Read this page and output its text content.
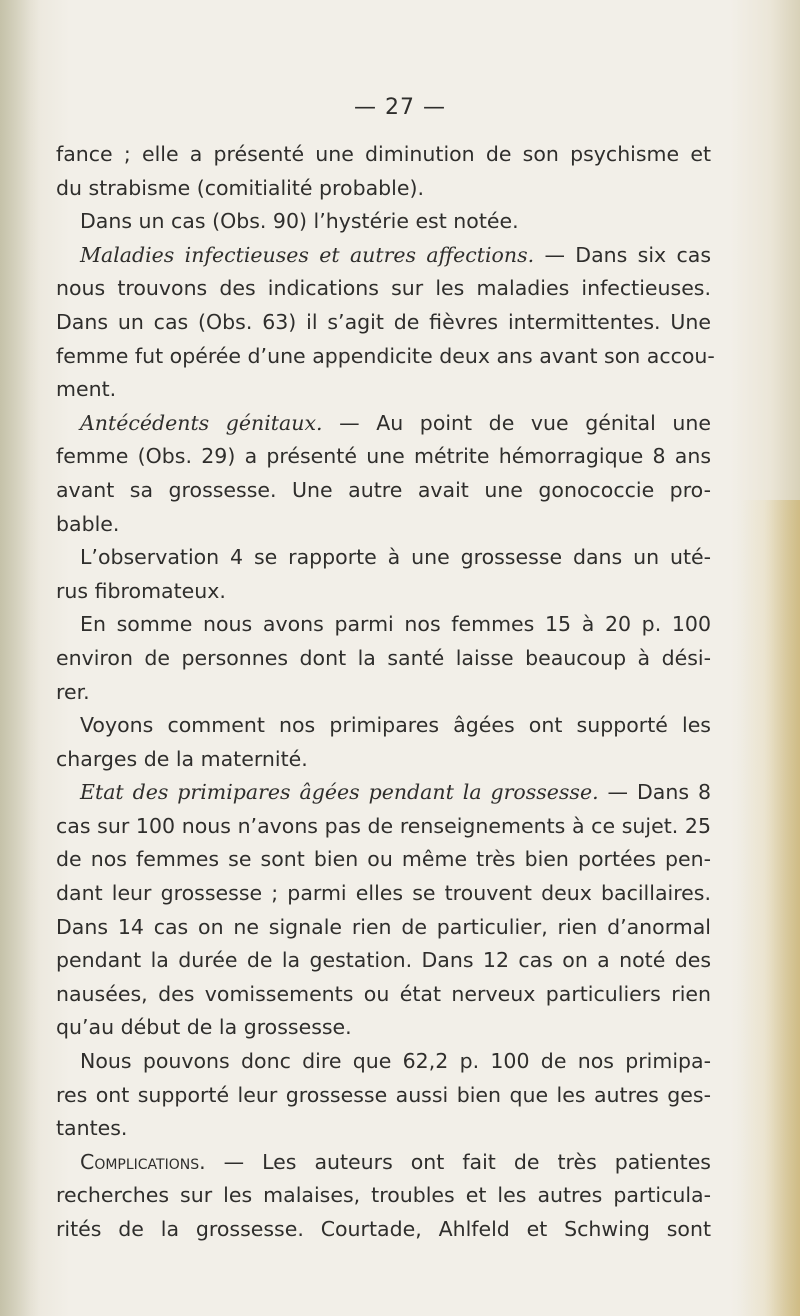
— 27 —
fance ; elle a présenté une diminution de son psychisme et
du strabisme (comitialité probable).
Dans un cas (Obs. 90) l’hystérie est notée.
Maladies infectieuses et autres affections. — Dans six cas
nous trouvons des indications sur les maladies infectieuses.
Dans un cas (Obs. 63) il s’agit de fièvres intermittentes. Une
femme fut opérée d’une appendicite deux ans avant son accou-
ment.
Antécédents génitaux. — Au point de vue génital une
femme (Obs. 29) a présenté une métrite hémorragique 8 ans
avant sa grossesse. Une autre avait une gonococcie pro-
bable.
L’observation 4 se rapporte à une grossesse dans un uté-
rus fibromateux.
En somme nous avons parmi nos femmes 15 à 20 p. 100
environ de personnes dont la santé laisse beaucoup à dési-
rer.
Voyons comment nos primipares âgées ont supporté les
charges de la maternité.
Etat des primipares âgées pendant la grossesse. — Dans 8
cas sur 100 nous n’avons pas de renseignements à ce sujet. 25
de nos femmes se sont bien ou même très bien portées pen-
dant leur grossesse ; parmi elles se trouvent deux bacillaires.
Dans 14 cas on ne signale rien de particulier, rien d’anormal
pendant la durée de la gestation. Dans 12 cas on a noté des
nausées, des vomissements ou état nerveux particuliers rien
qu’au début de la grossesse.
Nous pouvons donc dire que 62,2 p. 100 de nos primipa-
res ont supporté leur grossesse aussi bien que les autres ges-
tantes.
Complications. — Les auteurs ont fait de très patientes
recherches sur les malaises, troubles et les autres particula-
rités de la grossesse. Courtade, Ahlfeld et Schwing sont
